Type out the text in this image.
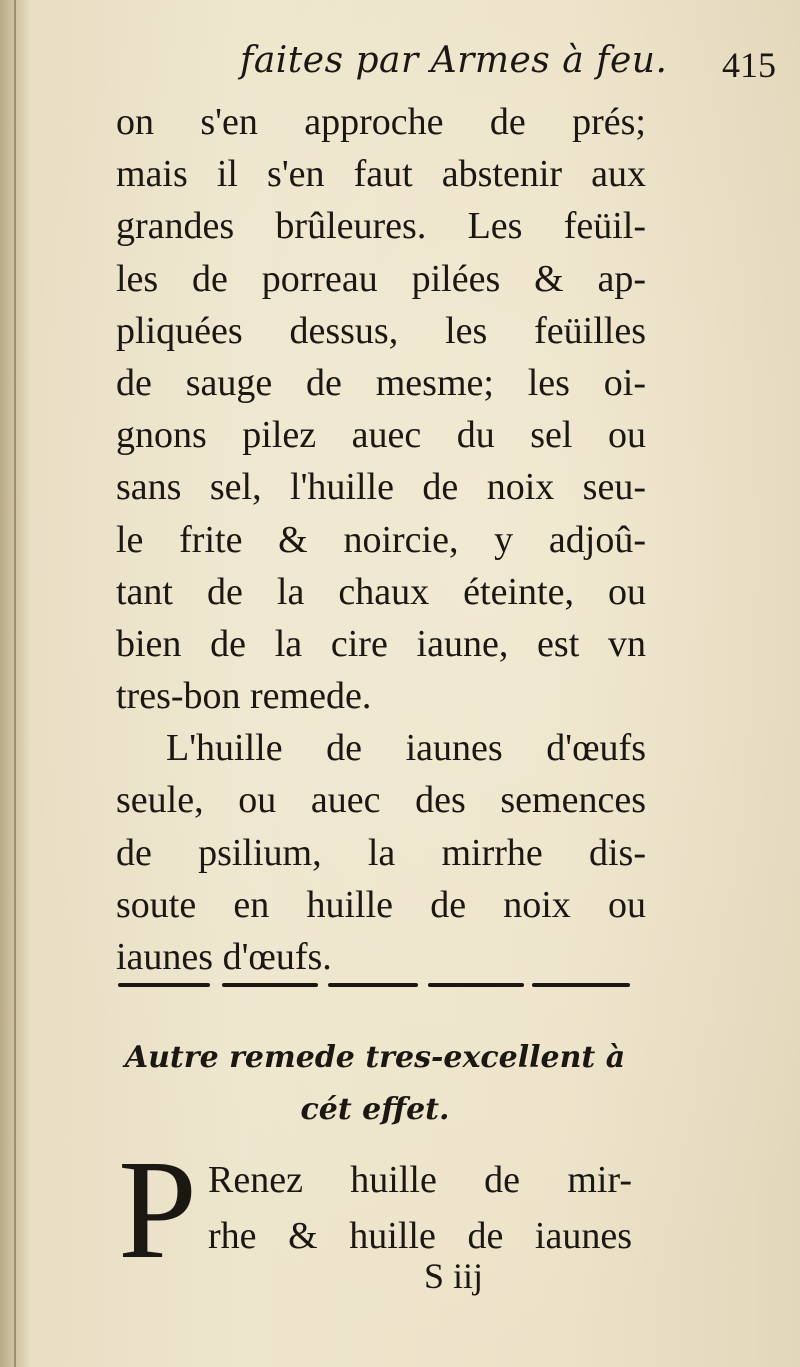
faites par Armes à feu. 415
on s'en approche de prés;
mais il s'en faut abstenir aux
grandes brûleures. Les feüil-
les de porreau pilées & ap-
pliquées dessus, les feüilles
de sauge de mesme; les oi-
gnons pilez auec du sel ou
sans sel, l'huille de noix seu-
le frite & noircie, y adjoû-
tant de la chaux éteinte, ou
bien de la cire iaune, est vn
tres-bon remede.
L'huille de iaunes d'œufs
seule, ou auec des semences
de psilium, la mirrhe dis-
soute en huille de noix ou
iaunes d'œufs.
Autre remede tres-excellent à
cét effet.
P Renez huille de mir-
rhe & huille de iaunes
S iij
